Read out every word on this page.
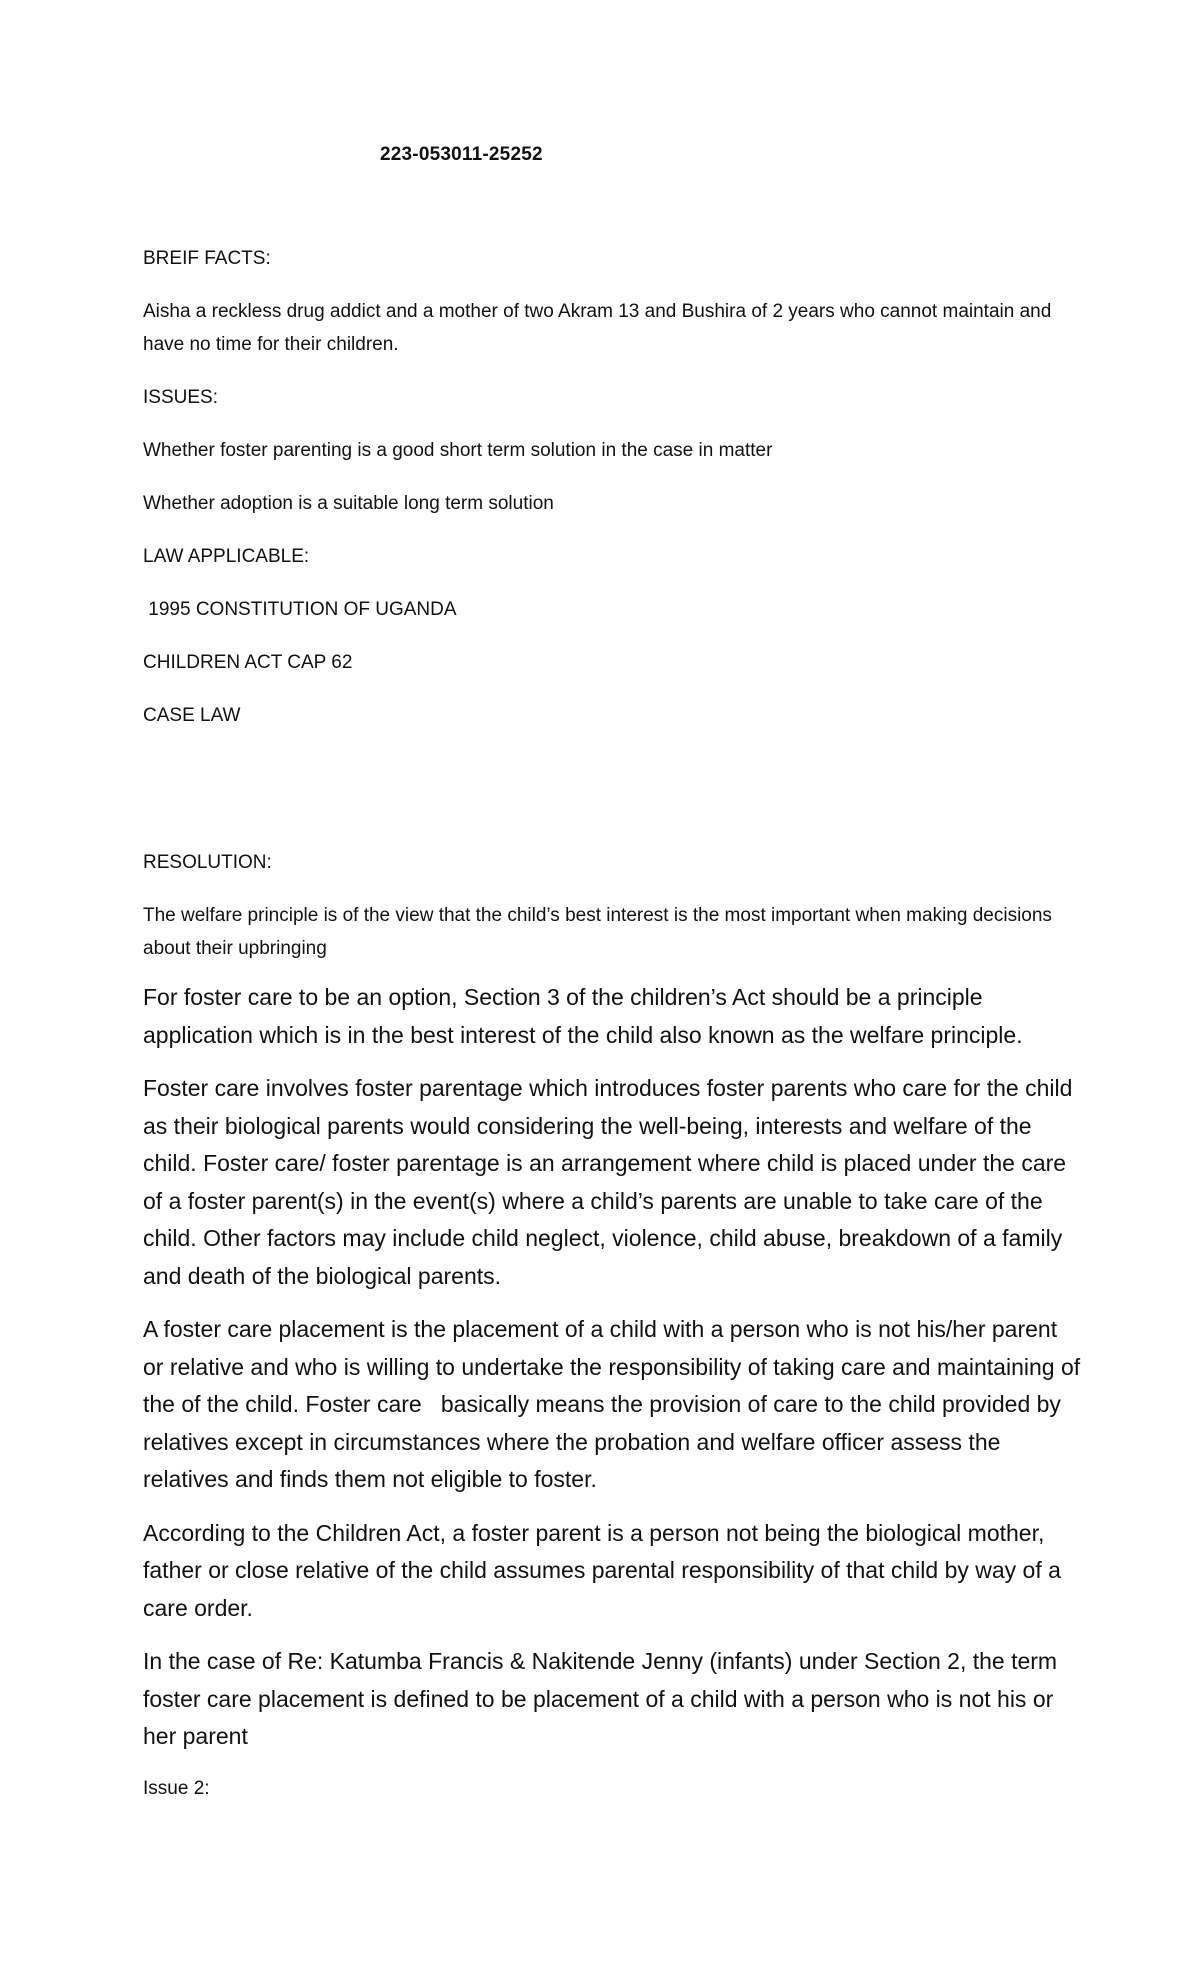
223-053011-25252

BREIF FACTS:

Aisha a reckless drug addict and a mother of two Akram 13 and Bushira of 2 years who cannot maintain and have no time for their children.

ISSUES:

Whether foster parenting is a good short term solution in the case in matter

Whether adoption is a suitable long term solution

LAW APPLICABLE:

1995 CONSTITUTION OF UGANDA

CHILDREN ACT CAP 62

CASE LAW

RESOLUTION:

The welfare principle is of the view that the child’s best interest is the most important when making decisions about their upbringing

For foster care to be an option, Section 3 of the children’s Act should be a principle application which is in the best interest of the child also known as the welfare principle.

Foster care involves foster parentage which introduces foster parents who care for the child as their biological parents would considering the well-being, interests and welfare of the child. Foster care/ foster parentage is an arrangement where child is placed under the care of a foster parent(s) in the event(s) where a child’s parents are unable to take care of the child. Other factors may include child neglect, violence, child abuse, breakdown of a family and death of the biological parents.

A foster care placement is the placement of a child with a person who is not his/her parent or relative and who is willing to undertake the responsibility of taking care and maintaining of the of the child. Foster care   basically means the provision of care to the child provided by relatives except in circumstances where the probation and welfare officer assess the relatives and finds them not eligible to foster.

According to the Children Act, a foster parent is a person not being the biological mother, father or close relative of the child assumes parental responsibility of that child by way of a care order.

In the case of Re: Katumba Francis & Nakitende Jenny (infants) under Section 2, the term foster care placement is defined to be placement of a child with a person who is not his or her parent

Issue 2:
